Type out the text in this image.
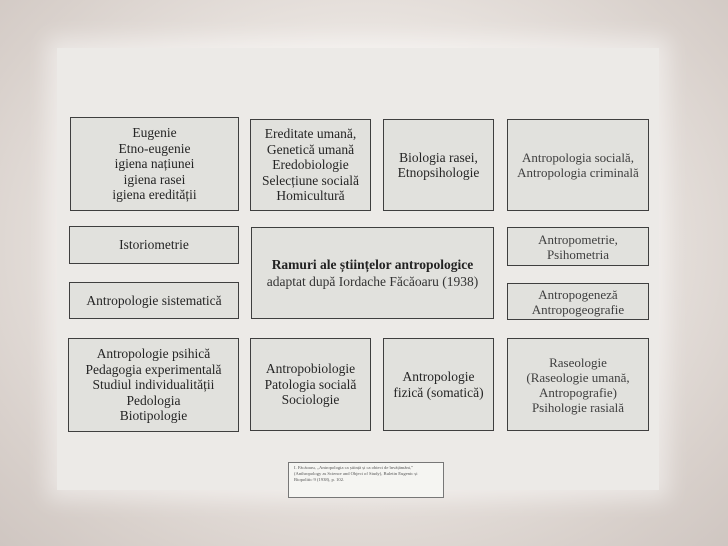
Eugenie
Etno-eugenie
igiena națiunei
igiena rasei
igiena eredității
Ereditate umană,
Genetică umană
Eredobiologie
Selecțiune socială
Homicultură
Biologia rasei,
Etnopsihologie
Antropologia socială,
Antropologia criminală
Istoriometrie
Ramuri ale științelor antropologice
adaptat după Iordache Făcăoaru (1938)
Antropometrie,
Psihometria
Antropologie sistematică	Antropogeneză
Antropogeografie
Antropologie psihică
Pedagogia experimentală
Studiul individualității
Pedologia
Biotipologie
Antropobiologie
Patologia socială
Sociologie
Antropologie
fizică (somatică)
Raseologie
(Raseologie umană,
Antropografie)
Psihologie rasială
I. Făcăoaru, „Antropologia ca știință și ca obiect de învățământ,”
(Anthropology as Science and Object of Study), Buletin Eugenic și
Biopolitic 9 (1938), p. 102.
